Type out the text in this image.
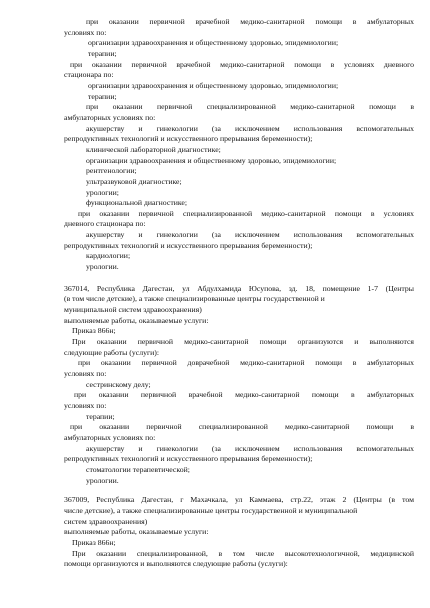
при оказании первичной врачебной медико-санитарной помощи в амбулаторных

условиях по:

организации здравоохранения и общественному здоровью, эпидемиологии;

терапии;

при оказании первичной врачебной медико-санитарной помощи в условиях дневного

стационара по:

организации здравоохранения и общественному здоровью, эпидемиологии;

терапии;

при оказании первичной специализированной медико-санитарной помощи в

амбулаторных условиях по:

акушерству и гинекологии (за исключением использования вспомогательных

репродуктивных технологий и искусственного прерывания беременности);

клинической лабораторной диагностике;

организации здравоохранения и общественному здоровью, эпидемиологии;

рентгенологии;

ультразвуковой диагностике;

урологии;

функциональной диагностике;

при оказании первичной специализированной медико-санитарной помощи в условиях

дневного стационара по:

акушерству и гинекологии (за исключением использования вспомогательных

репродуктивных технологий и искусственного прерывания беременности);

кардиологии;

урологии.

367014, Республика Дагестан, ул Абдулхамида Юсупова, зд. 18, помещение 1-7 (Центры

(в том числе детские), а также специализированные центры государственной и

муниципальной систем здравоохранения)

выполняемые работы, оказываемые услуги:

Приказ 866н;

При оказании первичной медико-санитарной помощи организуются и выполняются

следующие работы (услуги):

при оказании первичной доврачебной медико-санитарной помощи в амбулаторных

условиях по:

сестринскому делу;

при оказании первичной врачебной медико-санитарной помощи в амбулаторных

условиях по:

терапии;

при оказании первичной специализированной медико-санитарной помощи в

амбулаторных условиях по:

акушерству и гинекологии (за исключением использования вспомогательных

репродуктивных технологий и искусственного прерывания беременности);

стоматологии терапевтической;

урологии.

367009, Республика Дагестан, г Махачкала, ул Каммаева, стр.22, этаж 2 (Центры (в том

числе детские), а также специализированные центры государственной и муниципальной

систем здравоохранения)

выполняемые работы, оказываемые услуги:

Приказ 866н;

При оказании специализированной, в том числе высокотехнологичной, медицинской

помощи организуются и выполняются следующие работы (услуги):
